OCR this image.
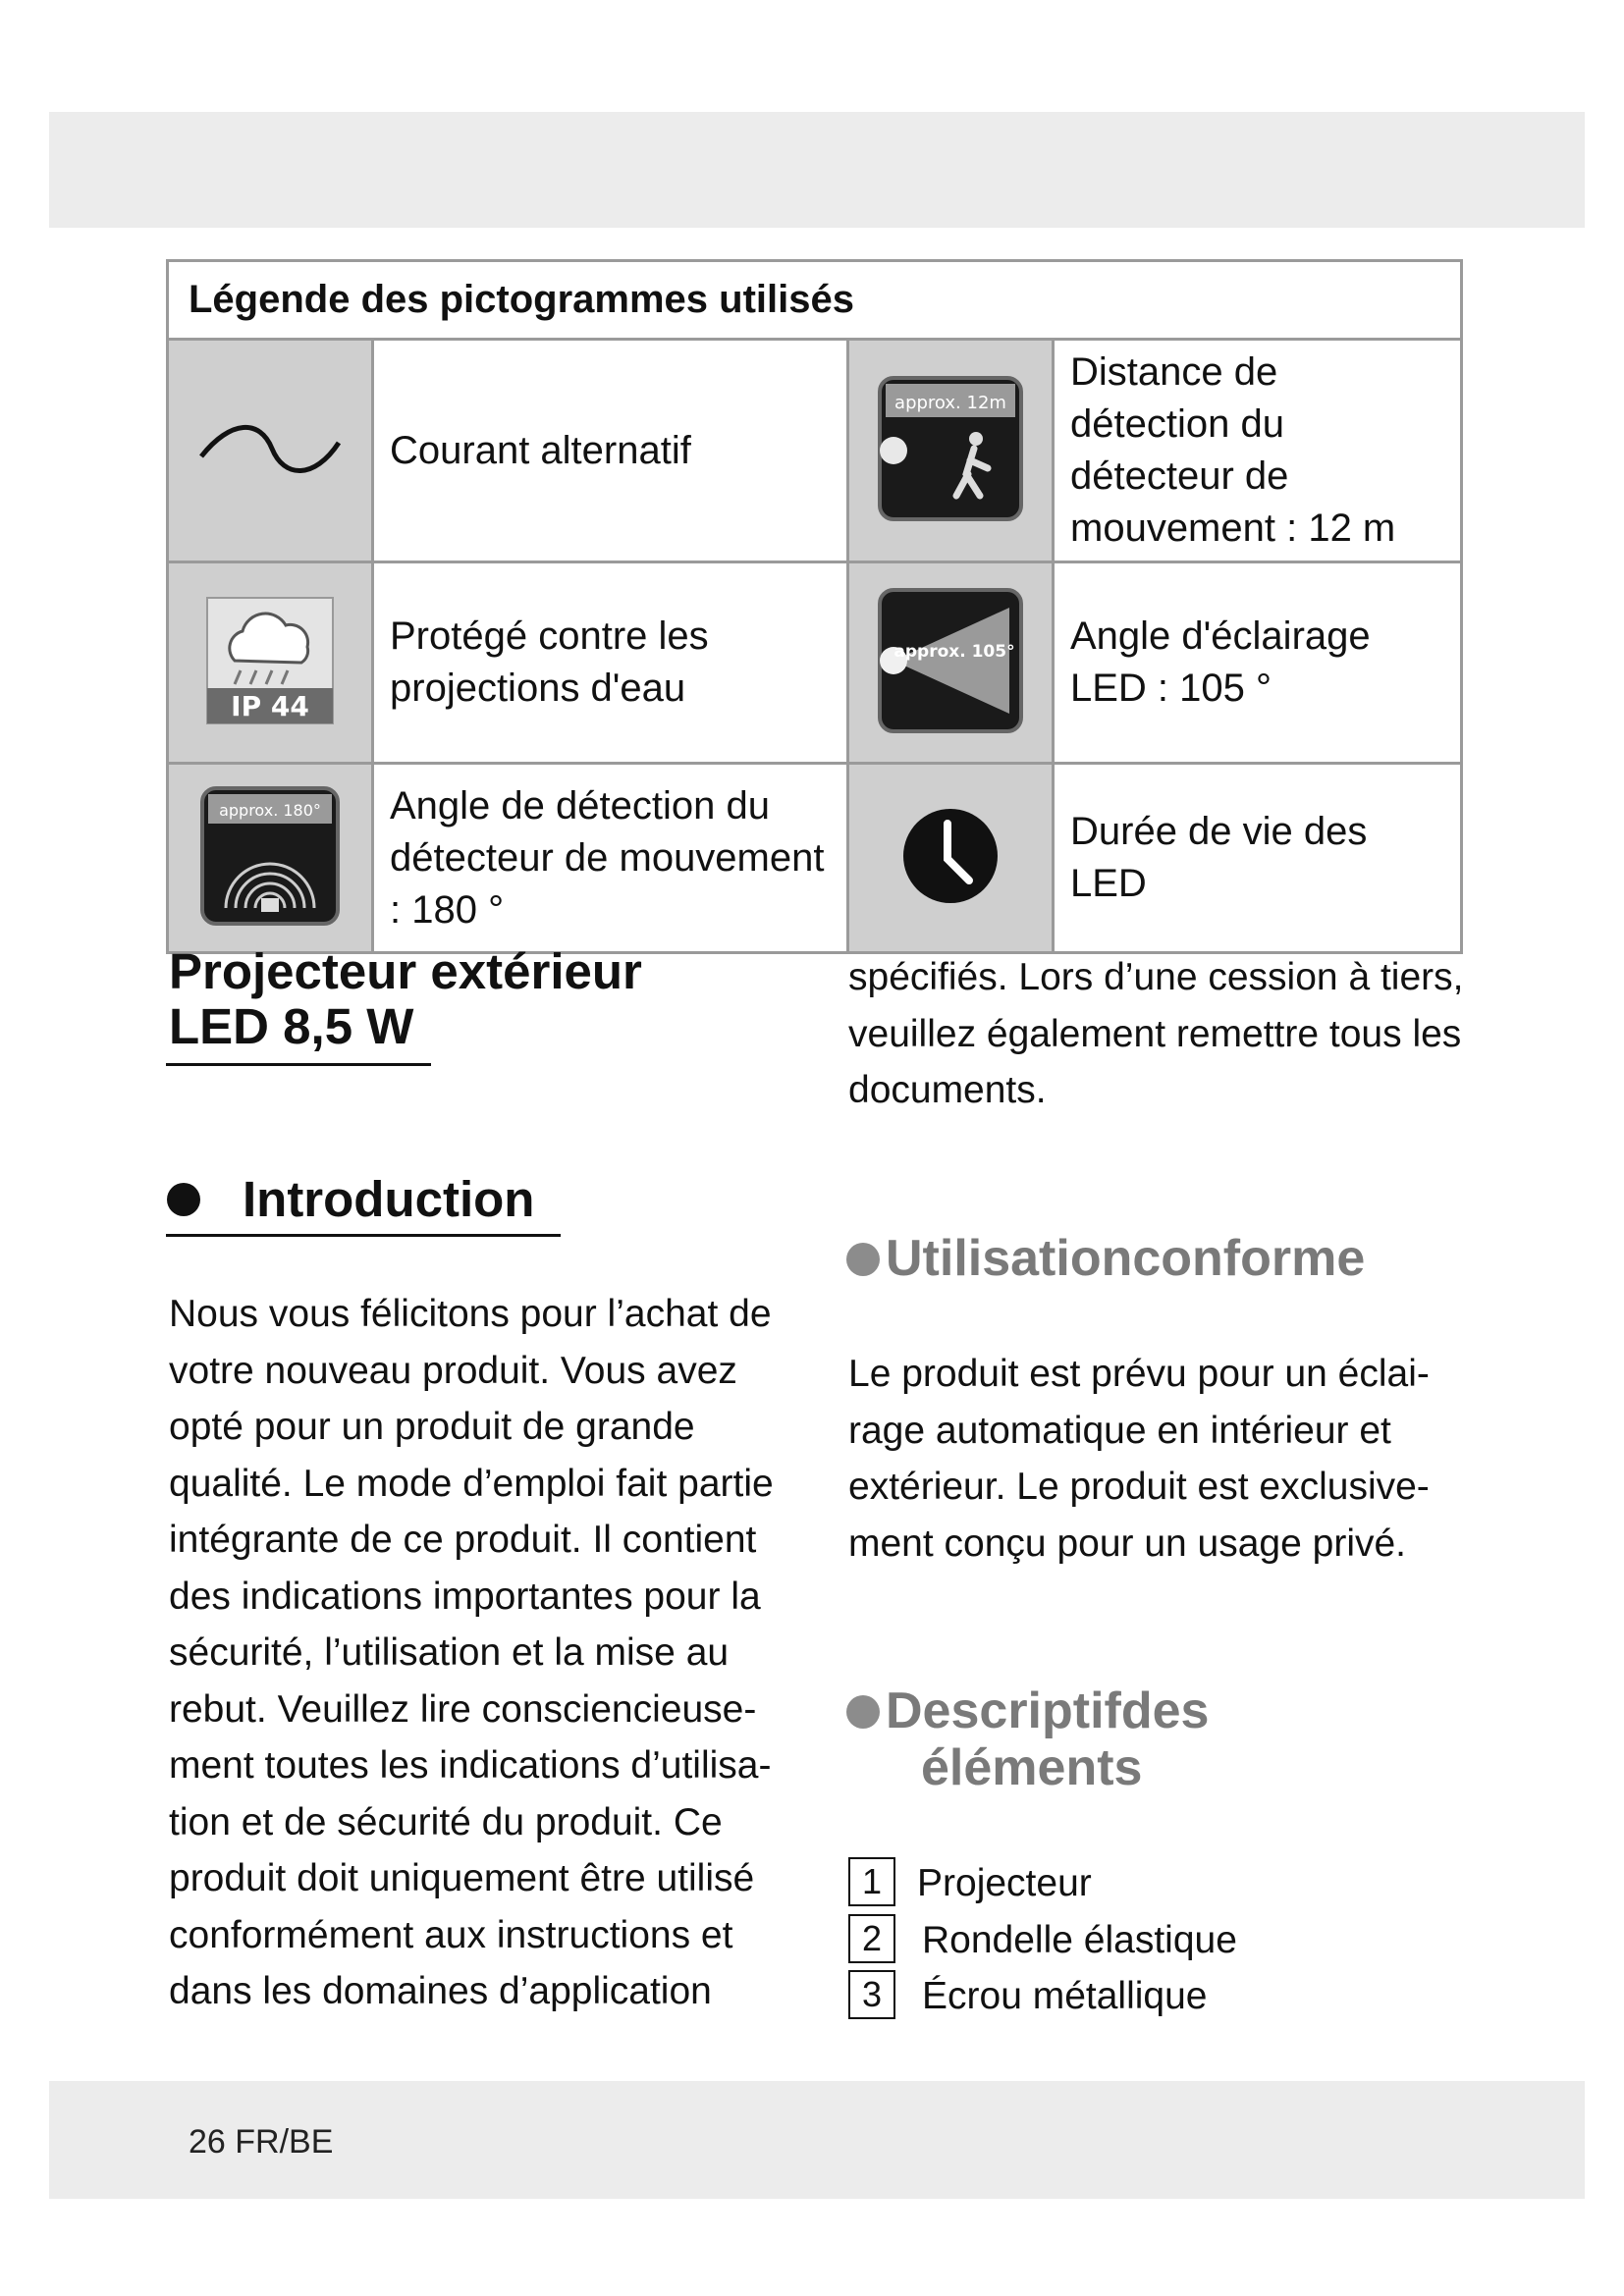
Légende des pictogrammes utilisés			
	Courant alternatif	approx. 12m	Distance de détection du détecteur de mouvement : 12 m

IP 44	Protégé contre les projections d'eau	approx. 105°	Angle d'éclairage LED : 105 °

approx. 180°	Angle de détection du détecteur de mouvement : 180 °		Durée de vie des LED
Projecteur extérieur LED 8,5 W
Introduction
Nous vous félicitons pour l’achat de votre nouveau produit. Vous avez opté pour un produit de grande qualité. Le mode d’emploi fait partie intégrante de ce produit. Il contient des indications importantes pour la sécurité, l’utilisation et la mise au rebut. Veuillez lire consciencieuse-ment toutes les indications d’utilisa-tion et de sécurité du produit. Ce produit doit uniquement être utilisé conformément aux instructions et dans les domaines d’application
spécifiés. Lors d’une cession à tiers, veuillez également remettre tous les documents.
Utilisationconforme
Le produit est prévu pour un éclai-rage automatique en intérieur et extérieur. Le produit est exclusive-ment conçu pour un usage privé.
Descriptifdes
éléments
1 Projecteur
2	Rondelle élastique
3	Écrou métallique
26 FR/BE
